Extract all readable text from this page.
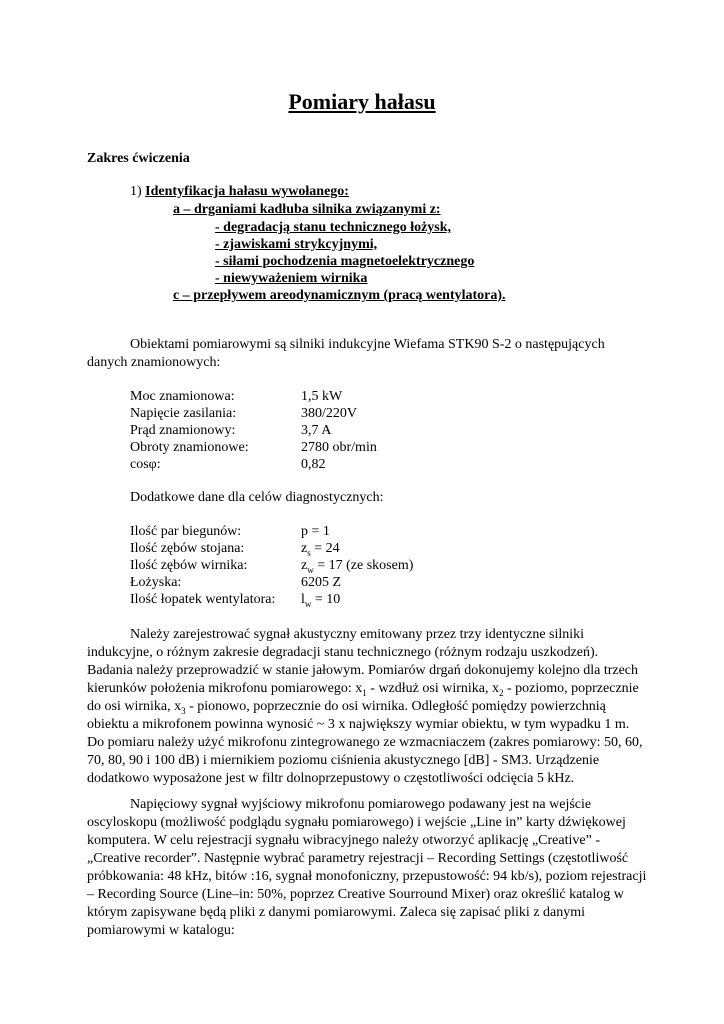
Pomiary hałasu
Zakres ćwiczenia
1) Identyfikacja hałasu wywołanego:
a – drganiami kadłuba silnika związanymi z:
- degradacją stanu technicznego łożysk,
- zjawiskami strykcyjnymi,
- siłami pochodzenia magnetoelektrycznego
- niewyważeniem wirnika
c – przepływem areodynamicznym (pracą wentylatora).

Obiektami pomiarowymi są silniki indukcyjne Wiefama STK90 S-2 o następujących danych znamionowych:

Moc znamionowa:	1,5 kW
Napięcie zasilania:	380/220V
Prąd znamionowy:	3,7 A
Obroty znamionowe:	2780 obr/min
cosφ:	0,82
Dodatkowe dane dla celów diagnostycznych:
Ilość par biegunów:	p = 1
Ilość zębów stojana:	$z_s = 24$
Ilość zębów wirnika:	$z_w = 17$ (ze skosem)
Łożyska:	6205 Z
Ilość łopatek wentylatora: $l_w = 10$

Należy zarejestrować sygnał akustyczny emitowany przez trzy identyczne silniki indukcyjne, o różnym zakresie degradacji stanu technicznego (różnym rodzaju uszkodzeń). Badania należy przeprowadzić w stanie jałowym. Pomiarów drgań dokonujemy kolejno dla trzech kierunków położenia mikrofonu pomiarowego: $x_1$ - wzdłuż osi wirnika, $x_2$ - poziomo, poprzecznie do osi wirnika, $x_3$ - pionowo, poprzecznie do osi wirnika. Odległość pomiędzy powierzchnią obiektu a mikrofonem powinna wynosić ~ 3 x największy wymiar obiektu, w tym wypadku 1 m. Do pomiaru należy użyć mikrofonu zintegrowanego ze wzmacniaczem (zakres pomiarowy: 50, 60, 70, 80, 90 i 100 dB) i miernikiem poziomu ciśnienia akustycznego [dB] - SM3. Urządzenie dodatkowo wyposażone jest w filtr dolnoprzepustowy o częstotliwości odcięcia 5 kHz.

Napięciowy sygnał wyjściowy mikrofonu pomiarowego podawany jest na wejście oscyloskopu (możliwość podglądu sygnału pomiarowego) i wejście „Line in” karty dźwiękowej komputera. W celu rejestracji sygnału wibracyjnego należy otworzyć aplikację „Creative” - „Creative recorder”. Następnie wybrać parametry rejestracji – Recording Settings (częstotliwość próbkowania: 48 kHz, bitów :16, sygnał monofoniczny, przepustowość: 94 kb/s), poziom rejestracji – Recording Source (Line–in: 50%, poprzez Creative Sourround Mixer) oraz określić katalog w którym zapisywane będą pliki z danymi pomiarowymi. Zaleca się zapisać pliki z danymi pomiarowymi w katalogu:
